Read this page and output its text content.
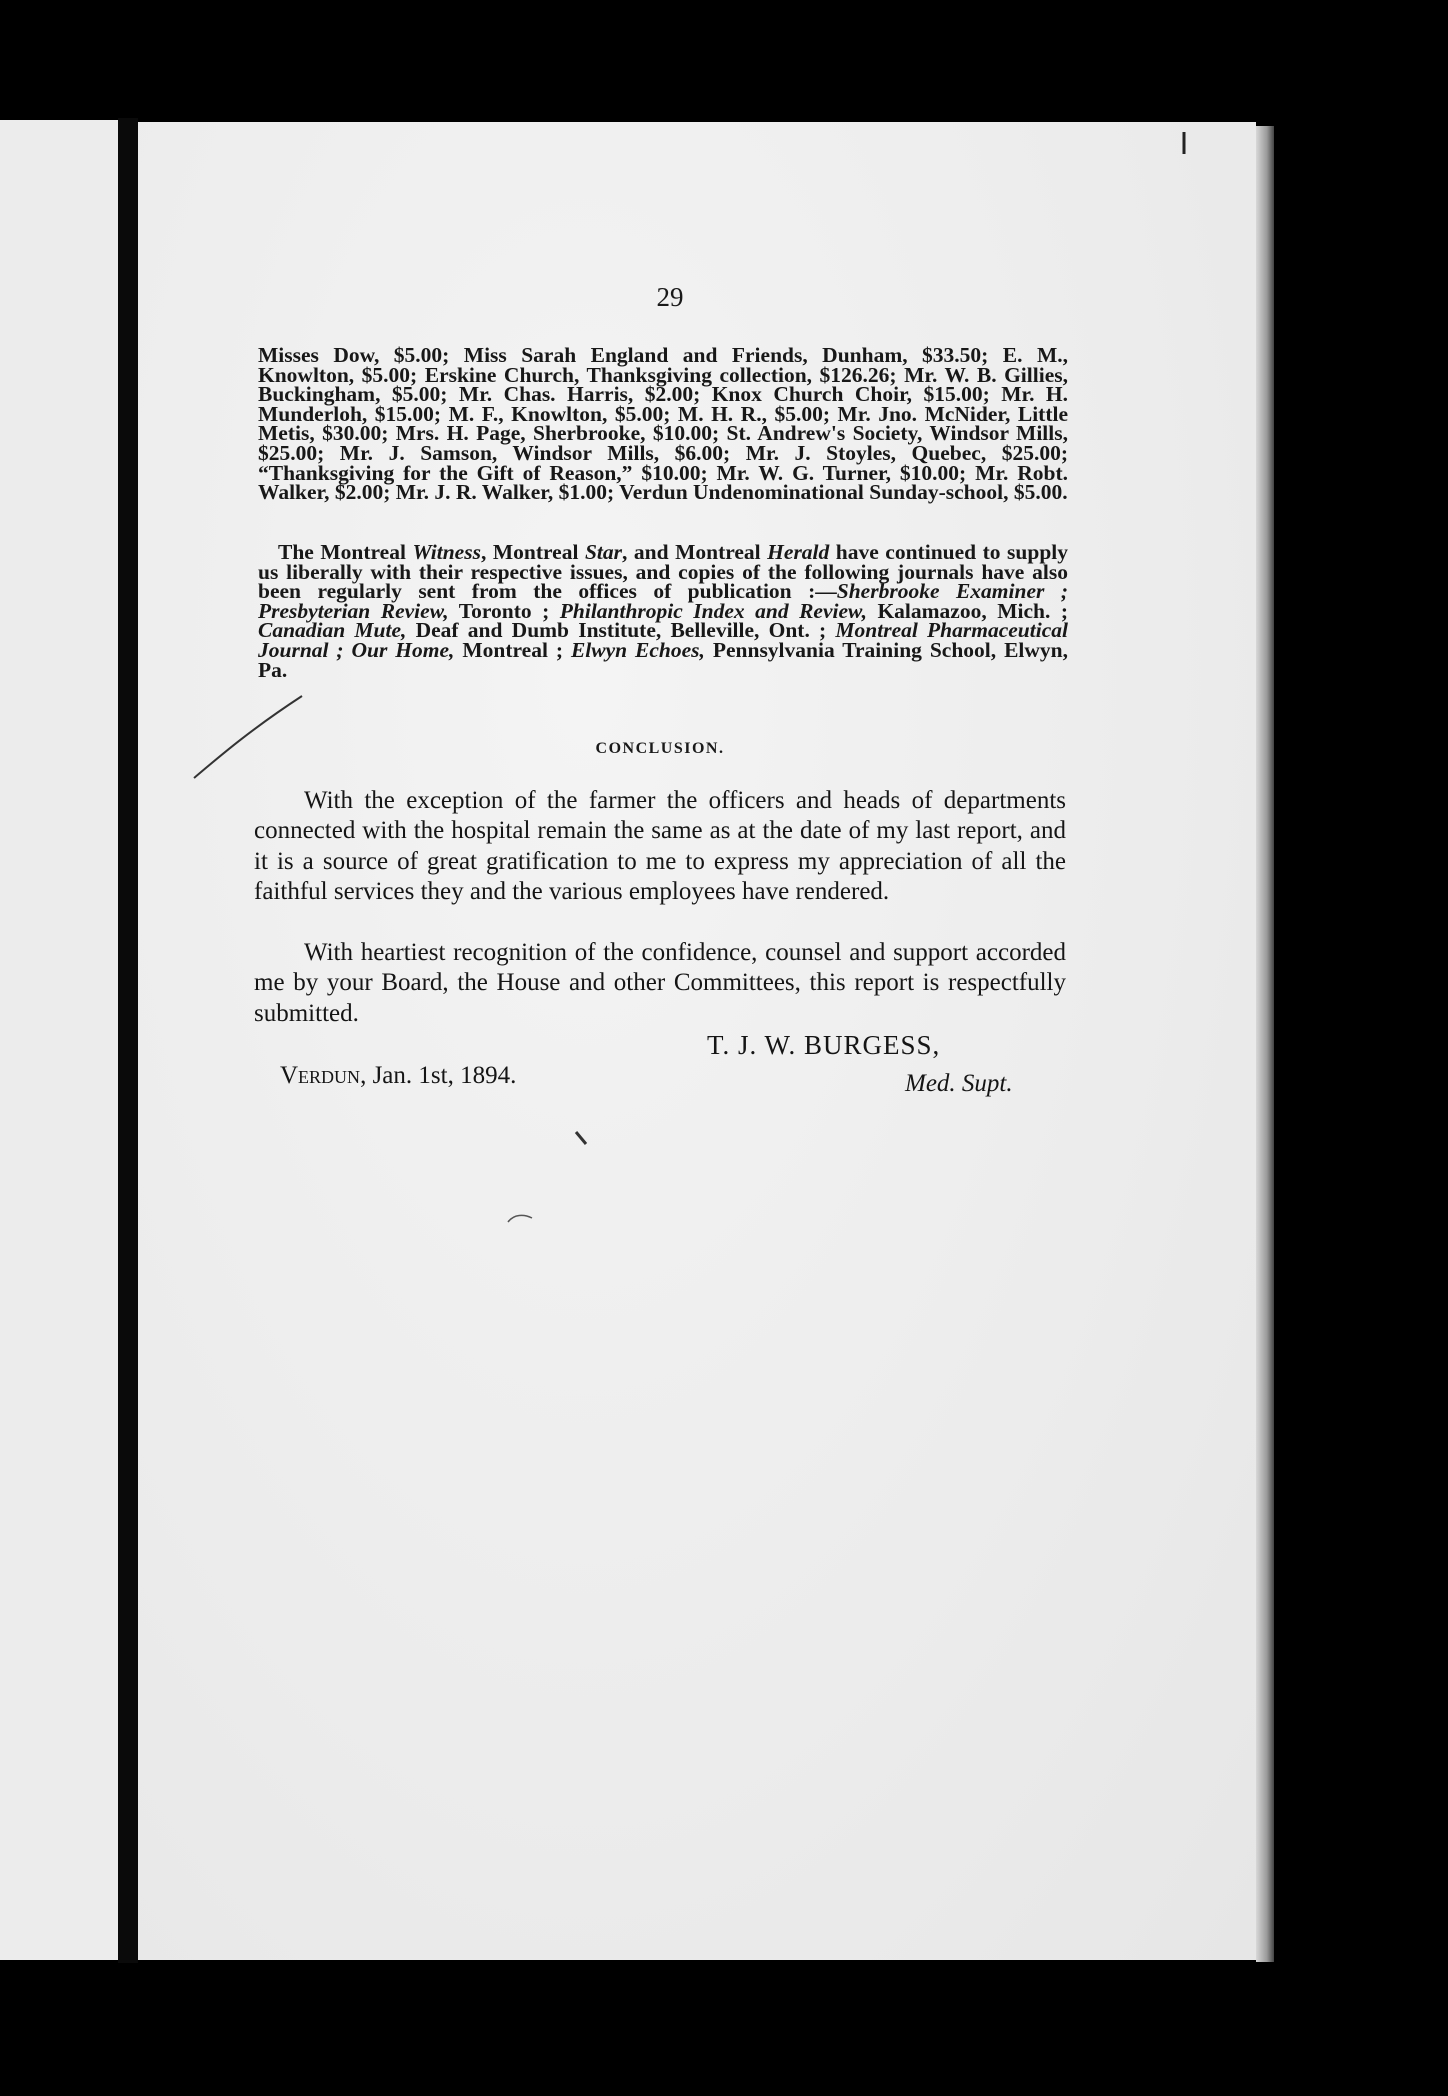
29

Misses Dow, $5.00; Miss Sarah England and Friends, Dunham, $33.50; E. M., Knowlton, $5.00; Erskine Church, Thanksgiving collection, $126.26; Mr. W. B. Gillies, Buckingham, $5.00; Mr. Chas. Harris, $2.00; Knox Church Choir, $15.00; Mr. H. Munderloh, $15.00; M. F., Knowlton, $5.00; M. H. R., $5.00; Mr. Jno. McNider, Little Metis, $30.00; Mrs. H. Page, Sherbrooke, $10.00; St. Andrew's Society, Windsor Mills, $25.00; Mr. J. Samson, Windsor Mills, $6.00; Mr. J. Stoyles, Quebec, $25.00; “Thanksgiving for the Gift of Reason,” $10.00; Mr. W. G. Turner, $10.00; Mr. Robt. Walker, $2.00; Mr. J. R. Walker, $1.00; Verdun Undenominational Sunday-school, $5.00.

The Montreal Witness, Montreal Star, and Montreal Herald have continued to supply us liberally with their respective issues, and copies of the following journals have also been regularly sent from the offices of publication :—Sherbrooke Examiner ; Presbyterian Review, Toronto ; Philanthropic Index and Review, Kalamazoo, Mich. ; Canadian Mute, Deaf and Dumb Institute, Belleville, Ont. ; Montreal Pharmaceutical Journal ; Our Home, Montreal ; Elwyn Echoes, Pennsylvania Training School, Elwyn, Pa.

CONCLUSION.

With the exception of the farmer the officers and heads of departments connected with the hospital remain the same as at the date of my last report, and it is a source of great gratification to me to express my appreciation of all the faithful services they and the various employees have rendered.

With heartiest recognition of the confidence, counsel and support accorded me by your Board, the House and other Committees, this report is respectfully submitted.

T. J. W. BURGESS,
Verdun, Jan. 1st, 1894.	Med. Supt.
